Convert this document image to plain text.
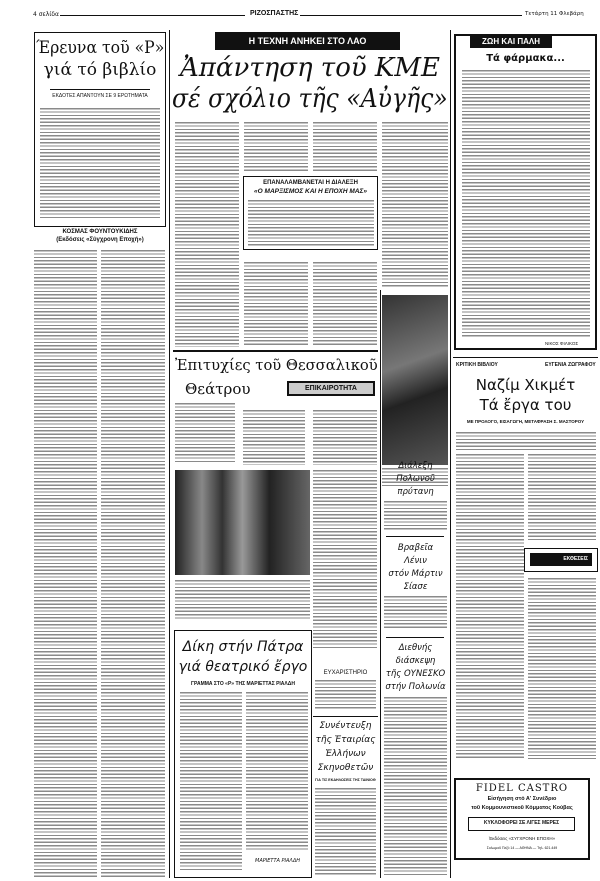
4 σελίδα	ΡΙΖΟΣΠΑΣΤΗΣ	Τετάρτη 11 Φλεβάρη
Έρευνα τοῦ «Ρ»
γιά τό βιβλίο
ΕΚΔΟΤΕΣ ΑΠΑΝΤΟΥΝ ΣΕ 9 ΕΡΩΤΗΜΑΤΑ
ΚΟΣΜΑΣ ΦΟΥΝΤΟΥΚΙΔΗΣ
(Εκδόσεις «Σύγχρονη Εποχή»)
Η ΤΕΧΝΗ ΑΝΗΚΕΙ ΣΤΟ ΛΑΟ
Ἀπάντηση τοῦ ΚΜΕ
σέ σχόλιο τῆς «Αὐγῆς»
ΕΠΑΝΑΛΑΜΒΑΝΕΤΑΙ Η ΔΙΑΛΕΞΗ
«Ο ΜΑΡΞΙΣΜΟΣ ΚΑΙ Η ΕΠΟΧΗ ΜΑΣ»
Ἐπιτυχίες τοῦ Θεσσαλικοῦ
Θεάτρου	ΕΠΙΚΑΙΡΟΤΗΤΑ
Δίκη στήν Πάτρα
γιά θεατρικό ἔργο
ΓΡΑΜΜΑ ΣΤΟ «Ρ» ΤΗΣ ΜΑΡΙΕΤΤΑΣ ΡΙΑΛΔΗ
ΜΑΡΙΕΤΤΑ ΡΙΑΛΔΗ
ΕΥΧΑΡΙΣΤΗΡΙΟ
Συνέντευξη
τῆς Ἑταιρίας
Ἑλλήνων
Σκηνοθετῶν
ΓΙΑ ΤΙΣ ΕΚΔΗΛΩΣΕΙΣ ΤΗΣ ΤΑΙΝΙΟΘ
Διάλεξη
Πολωνοῦ
πρύτανη
Βραβεῖα
Λένιν
στόν Μάρτιν
Σίασε
Διεθνής
διάσκεψη
τῆς ΟΥΝΕΣΚΟ
στήν Πολωνία
ΖΩΗ ΚΑΙ ΠΑΛΗ
Τά φάρμακα...
ΝΙΚΟΣ ΦΙΛΙΚΟΣ
ΚΡΙΤΙΚΗ ΒΙΒΛΙΟΥ	ΕΥΓΕΝΙΑ ΖΩΓΡΑΦΟΥ
Ναζίμ Χικμέτ
Τά ἔργα του
ΜΕ ΠΡΟΛΟΓΟ, ΕΙΣΑΓΩΓΗ, ΜΕΤΑΦΡΑΣΗ Σ. ΜΑΣΤΟΡΟΥ
ΕΚΘΕΣΕΙΣ
FIDEL CASTRO
Εἰσήγηση στό Α' Συνέδριο
τοῦ Κομμουνιστικοῦ Κόμματος Κούβας
ΚΥΚΛΟΦΟΡΕΙ ΣΕ ΛΙΓΕΣ ΜΕΡΕΣ
Ἐκδόσεις «ΣΥΓΧΡΟΝΗ ΕΠΟΧΗ»
Σολωμοῦ Πεζό 14 — ΑΘΗΝΑ — Τηλ. 621.449
